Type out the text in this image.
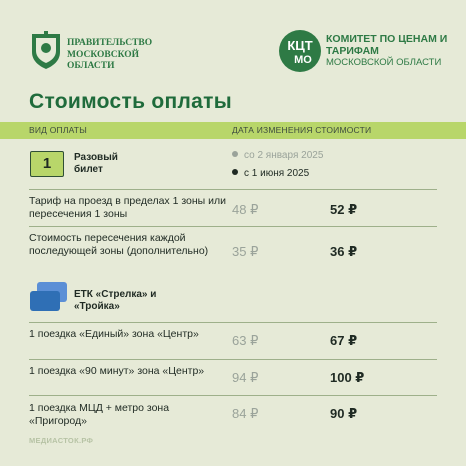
ПРАВИТЕЛЬСТВО МОСКОВСКОЙ ОБЛАСТИ
КЦТ
МО
КОМИТЕТ ПО ЦЕНАМ И ТАРИФАМ
МОСКОВСКОЙ ОБЛАСТИ
Стоимость оплаты
ВИД ОПЛАТЫ	ДАТА ИЗМЕНЕНИЯ СТОИМОСТИ
1	Разовый билет
со 2 января 2025
с 1 июня 2025
Тариф на проезд в пределах 1 зоны или пересечения 1 зоны	48 ₽	52 ₽
Стоимость пересечения каждой последующей зоны (дополнительно)	35 ₽	36 ₽
ЕТК «Стрелка» и «Тройка»
1 поездка «Единый» зона «Центр»	63 ₽	67 ₽
1 поездка «90 минут» зона «Центр»	94 ₽	100 ₽
1 поездка МЦД + метро зона «Пригород»	84 ₽	90 ₽
МЕДИАСТОК.РФ
